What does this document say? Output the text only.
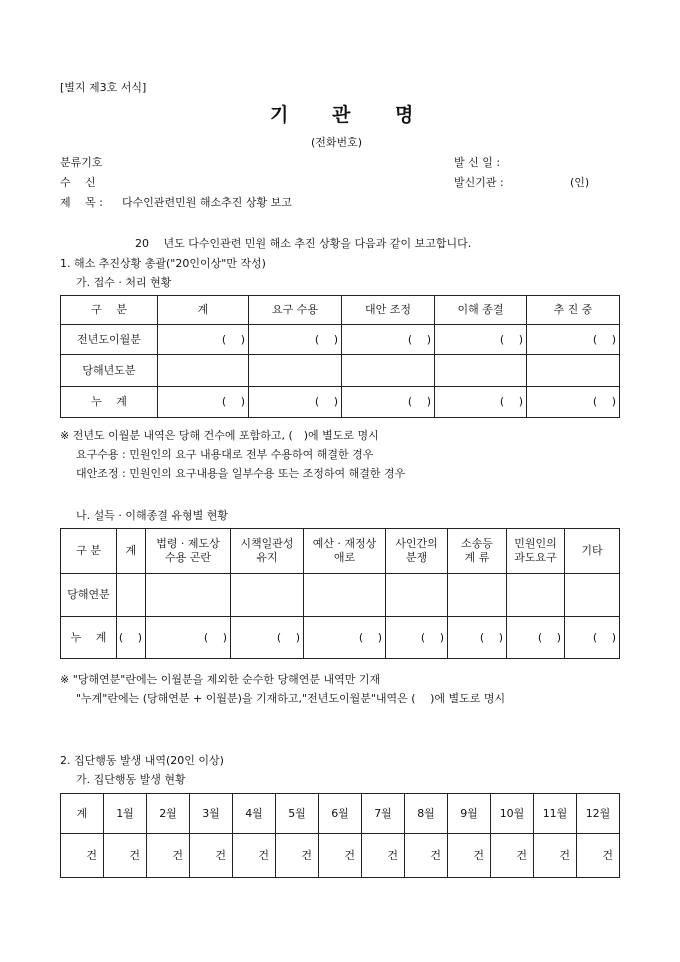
[별지 제3호 서식]
기 관 명
(전화번호)
분류기호
수　 신
제　 목 : 다수인관련민원 해소추진 상황 보고
발 신 일 :
발신기관 :	(인)
20　 년도 다수인관련 민원 해소 추진 상황을 다음과 같이 보고합니다.
1. 해소 추진상황 총괄("20인이상"만 작성)
가. 접수 · 처리 현황
구　 분	계	요구 수용	대안 조정	이해 종결	추 진 중
전년도이월분	(　 )	(　 )	(　 )	(　 )	(　 )
당해년도분					
누　 계	(　 )	(　 )	(　 )	(　 )	(　 )
※ 전년도 이월분 내역은 당해 건수에 포함하고, (　)에 별도로 명시
요구수용 : 민원인의 요구 내용대로 전부 수용하여 해결한 경우
대안조정 : 민원인의 요구내용을 일부수용 또는 조정하여 해결한 경우
나. 설득 · 이해종결 유형별 현황
구 분	계	법령 · 제도상
수용 곤란	시책일관성
유지	예산 · 재정상
애로	사인간의
분쟁	소송등
계 류	민원인의
과도요구	기타
당해연분								
누　 계	(　 )	(　 )	(　 )	(　 )	(　 )	(　 )	(　 )	(　 )
※ "당해연분"란에는 이월분을 제외한 순수한 당해연분 내역만 기재
"누계"란에는 (당해연분 + 이월분)을 기재하고,"전년도이월분"내역은 (　 )에 별도로 명시
2. 집단행동 발생 내역(20인 이상)
가. 집단행동 발생 현황
계	1월	2월	3월	4월	5월	6월	7월	8월	9월	10월	11월	12월
건	건	건	건	건	건	건	건	건	건	건	건	건
